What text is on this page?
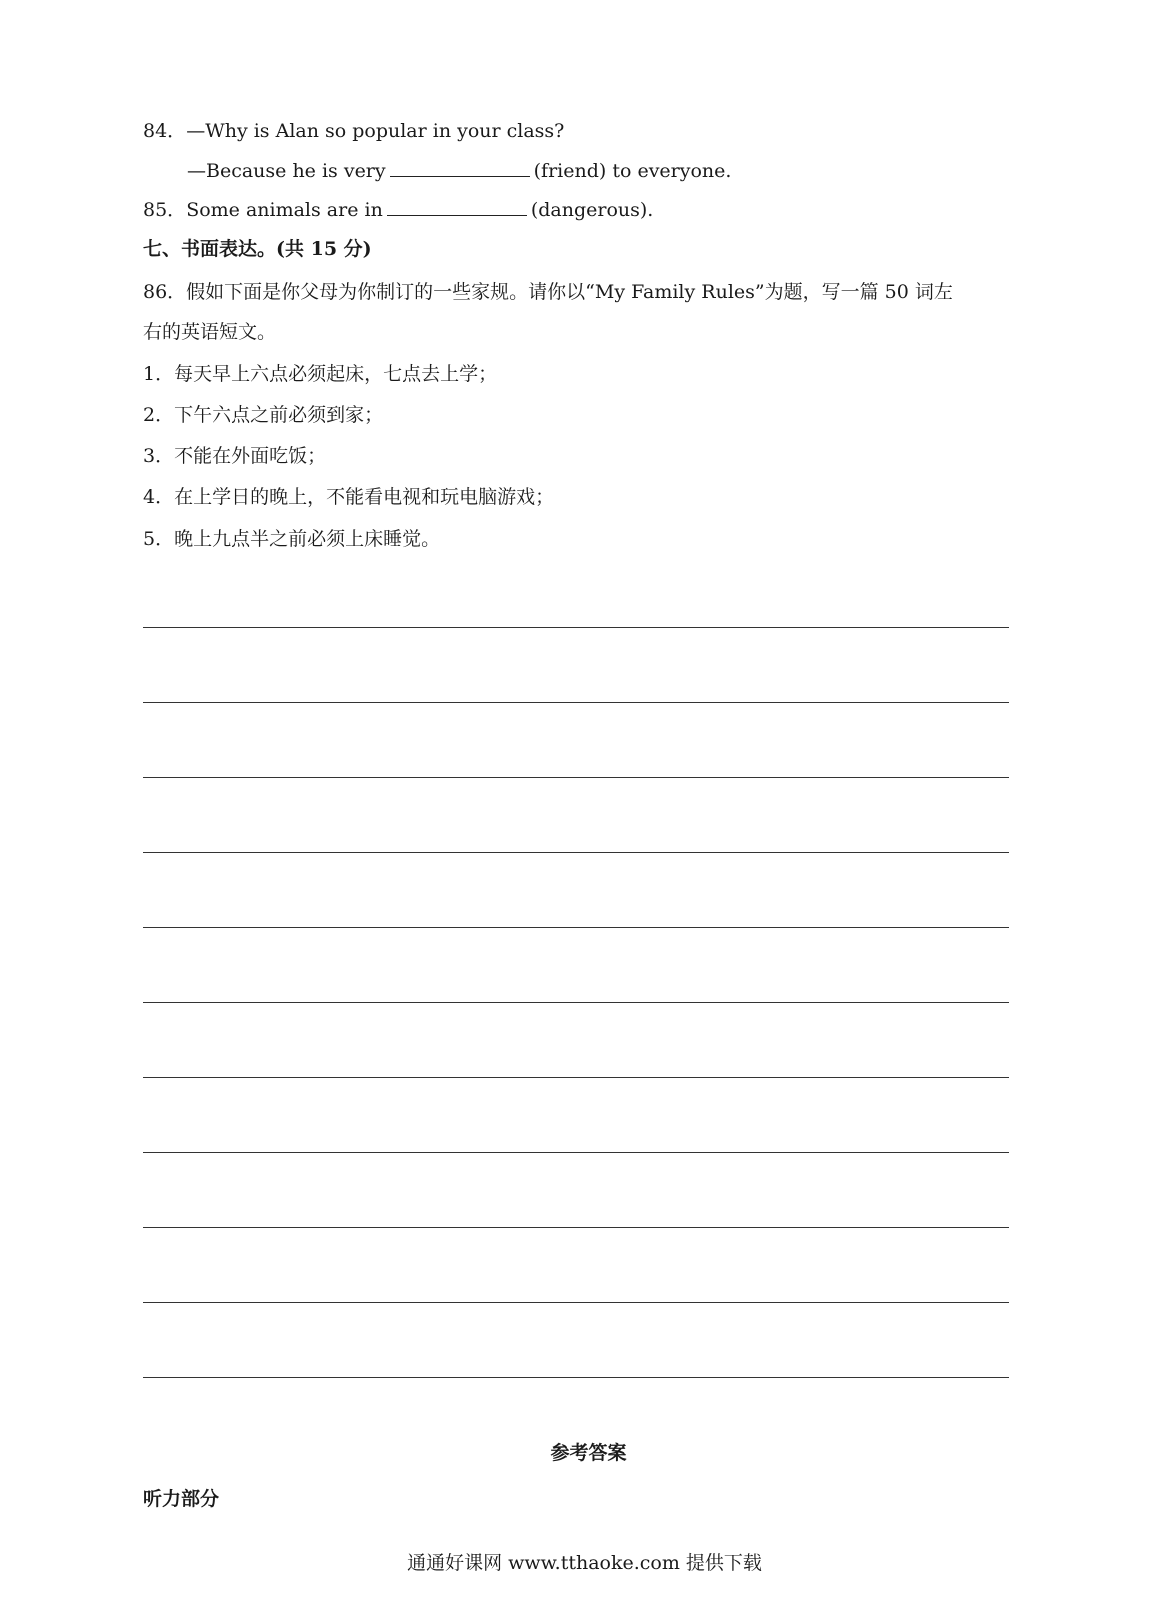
84．—Why is Alan so popular in your class?
—Because he is very	(friend) to everyone.
85．Some animals are in	(dangerous).
七、书面表达。(共 15 分)
86．假如下面是你父母为你制订的一些家规。请你以“My Family Rules”为题，写一篇 50 词左
右的英语短文。
1．每天早上六点必须起床，七点去上学；
2．下午六点之前必须到家；
3．不能在外面吃饭；
4．在上学日的晚上，不能看电视和玩电脑游戏；
5．晚上九点半之前必须上床睡觉。
参考答案
听力部分
通通好课网 www.tthaoke.com 提供下载
